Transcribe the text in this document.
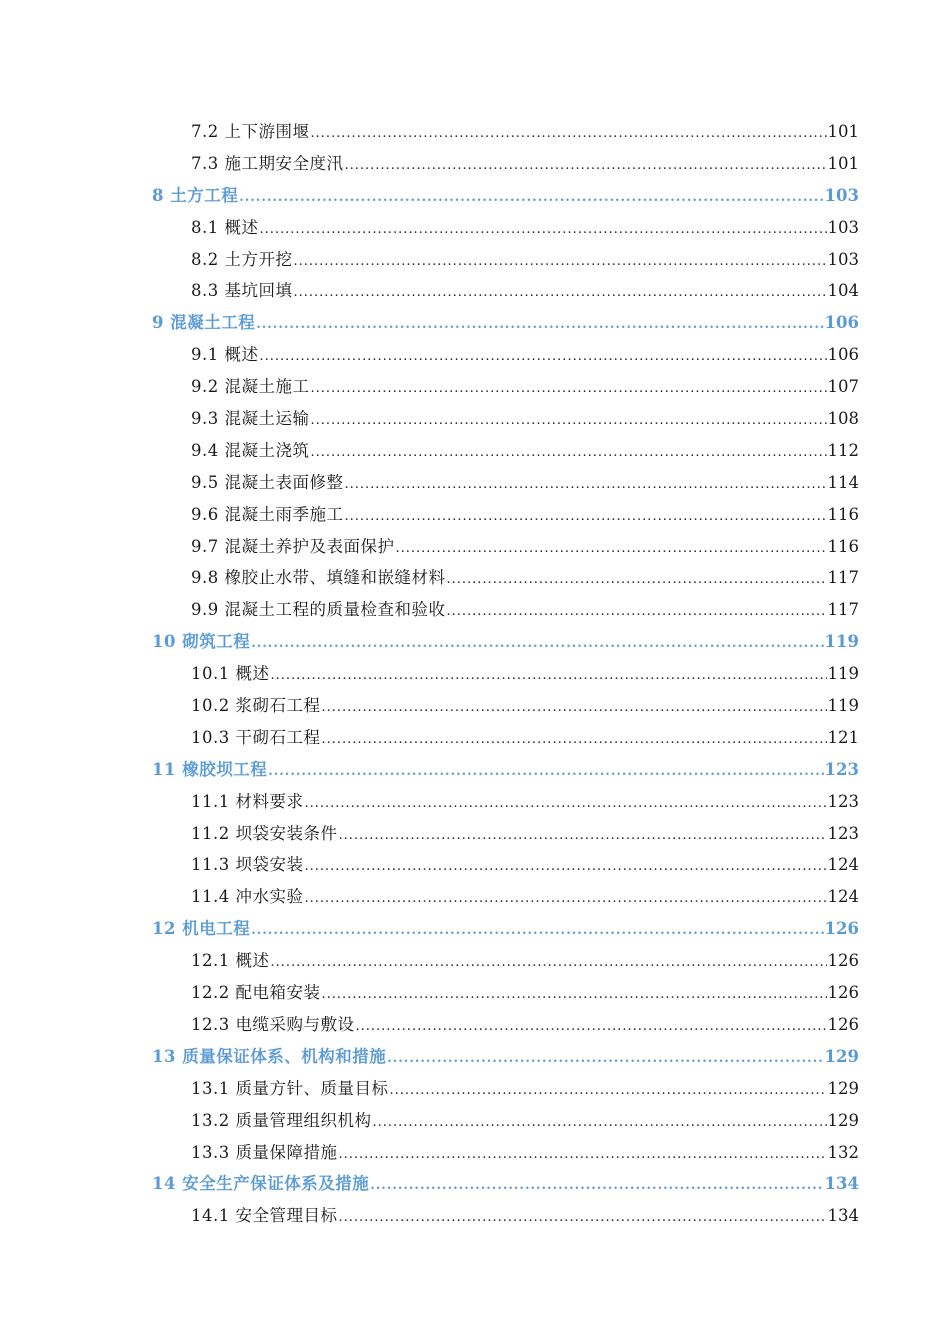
7.2 上下游围堰 .....	101
7.3 施工期安全度汛 .....	101
8 土方工程 .....	103
8.1 概述 .....	103
8.2 土方开挖 .....	103
8.3 基坑回填 .....	104
9 混凝土工程 .....	106
9.1 概述 .....	106
9.2 混凝土施工 .....	107
9.3 混凝土运输 .....	108
9.4 混凝土浇筑 .....	112
9.5 混凝土表面修整 .....	114
9.6 混凝土雨季施工 .....	116
9.7 混凝土养护及表面保护 .....	116
9.8 橡胶止水带、填缝和嵌缝材料 .....	117
9.9 混凝土工程的质量检查和验收 .....	117
10 砌筑工程 .....	119
10.1 概述 .....	119
10.2 浆砌石工程 .....	119
10.3 干砌石工程 .....	121
11 橡胶坝工程 .....	123
11.1 材料要求 .....	123
11.2 坝袋安装条件 .....	123
11.3 坝袋安装 .....	124
11.4 冲水实验 .....	124
12 机电工程 .....	126
12.1 概述 .....	126
12.2 配电箱安装 .....	126
12.3 电缆采购与敷设 .....	126
13 质量保证体系、机构和措施 .....	129
13.1 质量方针、质量目标 .....	129
13.2 质量管理组织机构 .....	129
13.3 质量保障措施 .....	132
14 安全生产保证体系及措施 .....	134
14.1 安全管理目标 .....	134
